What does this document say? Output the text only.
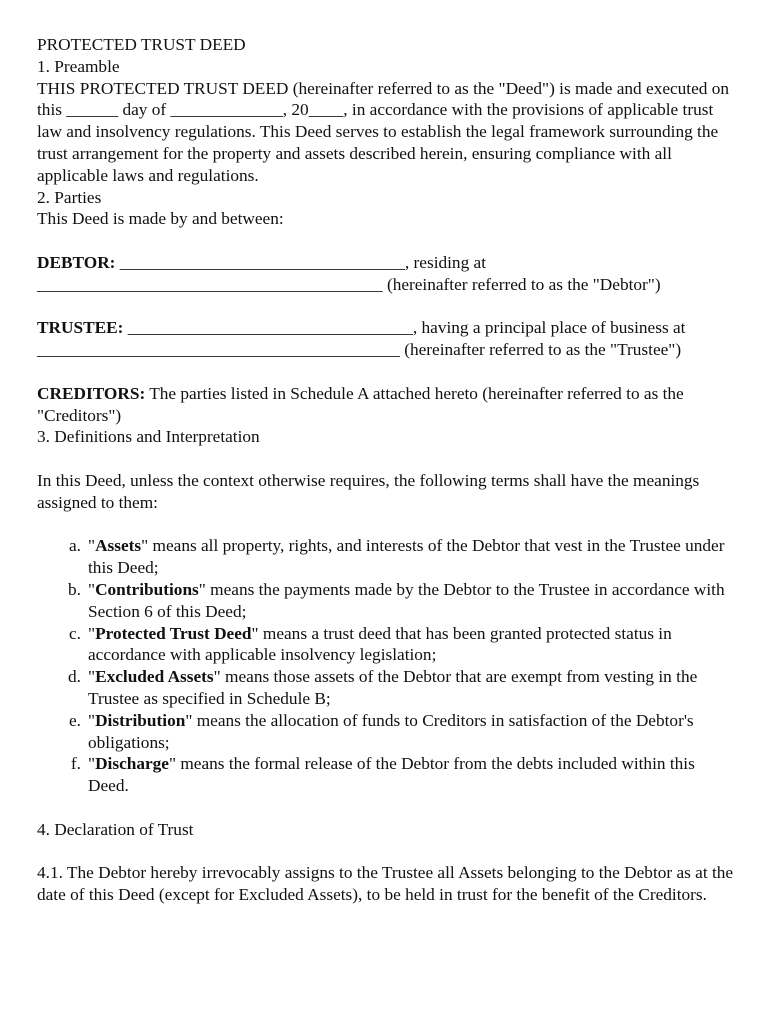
PROTECTED TRUST DEED

1. Preamble

THIS PROTECTED TRUST DEED (hereinafter referred to as the "Deed") is made and executed on this ______ day of _____________, 20____, in accordance with the provisions of applicable trust law and insolvency regulations. This Deed serves to establish the legal framework surrounding the trust arrangement for the property and assets described herein, ensuring compliance with all applicable laws and regulations.

2. Parties

This Deed is made by and between:

DEBTOR: _________________________________, residing at ________________________________________ (hereinafter referred to as the "Debtor")

TRUSTEE: _________________________________, having a principal place of business at __________________________________________ (hereinafter referred to as the "Trustee")

CREDITORS: The parties listed in Schedule A attached hereto (hereinafter referred to as the "Creditors")

3. Definitions and Interpretation

In this Deed, unless the context otherwise requires, the following terms shall have the meanings assigned to them:

a. "Assets" means all property, rights, and interests of the Debtor that vest in the Trustee under this Deed;
b. "Contributions" means the payments made by the Debtor to the Trustee in accordance with Section 6 of this Deed;
c. "Protected Trust Deed" means a trust deed that has been granted protected status in accordance with applicable insolvency legislation;
d. "Excluded Assets" means those assets of the Debtor that are exempt from vesting in the Trustee as specified in Schedule B;
e. "Distribution" means the allocation of funds to Creditors in satisfaction of the Debtor's obligations;
f. "Discharge" means the formal release of the Debtor from the debts included within this Deed.

4. Declaration of Trust

4.1. The Debtor hereby irrevocably assigns to the Trustee all Assets belonging to the Debtor as at the date of this Deed (except for Excluded Assets), to be held in trust for the benefit of the Creditors.
